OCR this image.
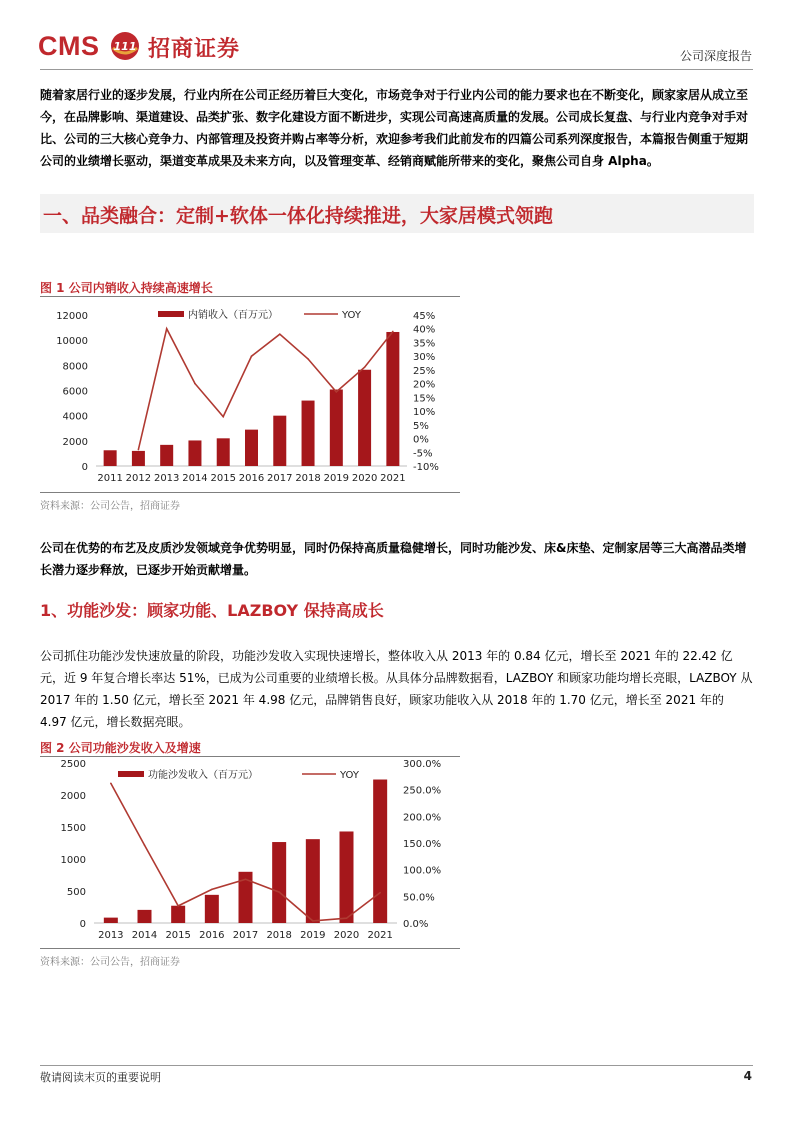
CMS 111 招商证券	公司深度报告

随着家居行业的逐步发展，行业内所在公司正经历着巨大变化，市场竞争对于行业内公司的能力要求也在不断变化，顾家家居从成立至今，在品牌影响、渠道建设、品类扩张、数字化建设方面不断进步，实现公司高速高质量的发展。公司成长复盘、与行业内竞争对手对比、公司的三大核心竞争力、内部管理及投资并购占率等分析，欢迎参考我们此前发布的四篇公司系列深度报告，本篇报告侧重于短期公司的业绩增长驱动，渠道变革成果及未来方向，以及管理变革、经销商赋能所带来的变化，聚焦公司自身 Alpha。

一、品类融合：定制+软体一体化持续推进，大家居模式领跑
图 1 公司内销收入持续高速增长
0
2000
4000
6000
8000
10000
12000
-10%
-5%
0%
5%
10%
15%
20%
25%
30%
35%
40%
45%
2011 2012 2013 2014 2015 2016 2017 2018 2019 2020 2021
内销收入（百万元）	YOY
资料来源：公司公告，招商证券

公司在优势的布艺及皮质沙发领域竞争优势明显，同时仍保持高质量稳健增长，同时功能沙发、床&床垫、定制家居等三大高潜品类增长潜力逐步释放，已逐步开始贡献增量。

1、功能沙发：顾家功能、LAZBOY 保持高成长

公司抓住功能沙发快速放量的阶段，功能沙发收入实现快速增长，整体收入从 2013 年的 0.84 亿元，增长至 2021 年的 22.42 亿元，近 9 年复合增长率达 51%，已成为公司重要的业绩增长极。从具体分品牌数据看，LAZBOY 和顾家功能均增长亮眼，LAZBOY 从 2017 年的 1.50 亿元，增长至 2021 年 4.98 亿元，品牌销售良好，顾家功能收入从 2018 年的 1.70 亿元，增长至 2021 年的 4.97 亿元，增长数据亮眼。

图 2 公司功能沙发收入及增速
0
500
1000
1500
2000
2500
0.0%
50.0%
100.0%
150.0%
200.0%
250.0%
300.0%
2013 2014 2015 2016 2017 2018 2019 2020 2021
功能沙发收入（百万元）	YOY
资料来源：公司公告，招商证券
敬请阅读末页的重要说明	4
